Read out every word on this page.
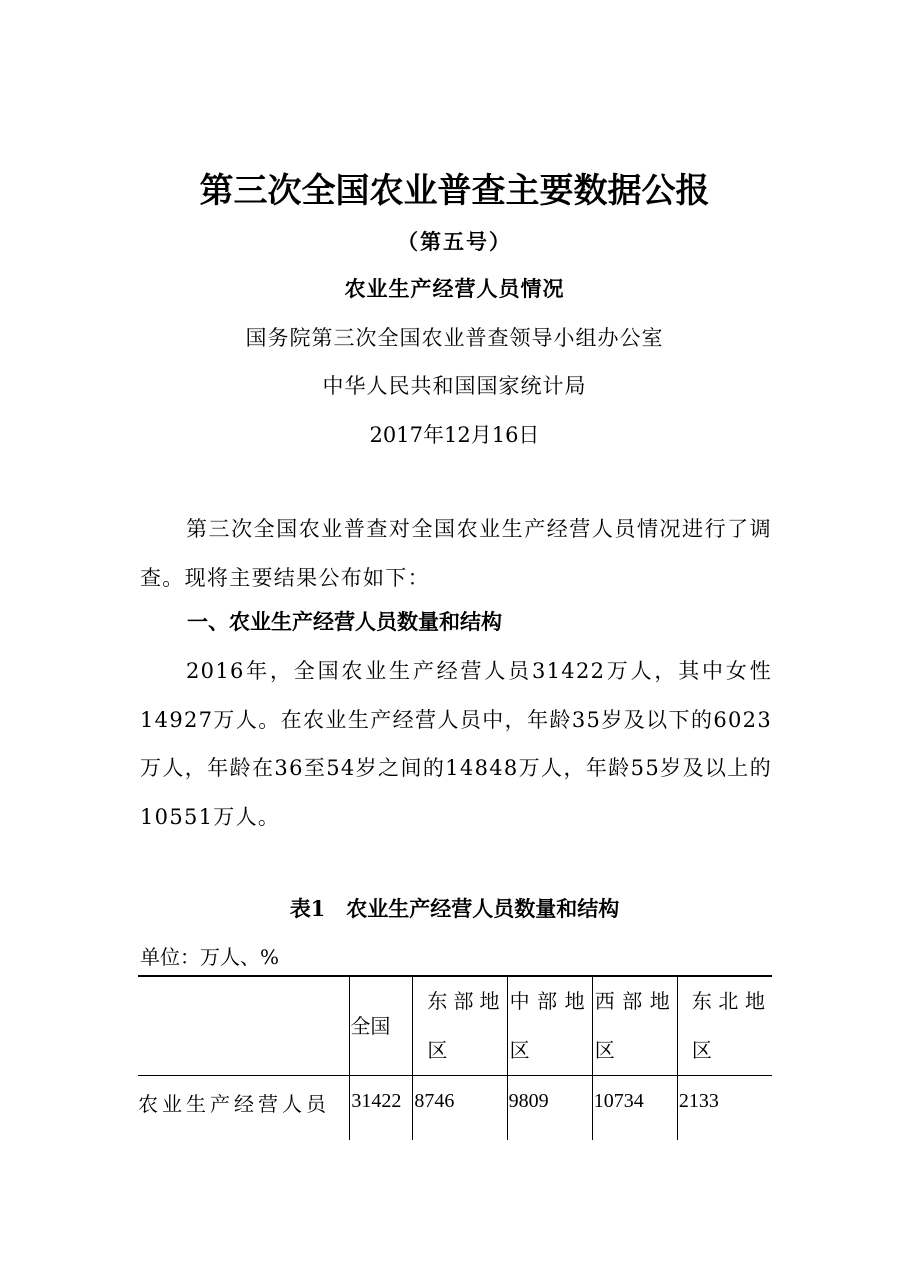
第三次全国农业普查主要数据公报
（第五号）
农业生产经营人员情况
国务院第三次全国农业普查领导小组办公室
中华人民共和国国家统计局
2017年12月16日
第三次全国农业普查对全国农业生产经营人员情况进行了调查。现将主要结果公布如下：
一、农业生产经营人员数量和结构
2016年，全国农业生产经营人员31422万人，其中女性14927万人。在农业生产经营人员中，年龄35岁及以下的6023万人，年龄在36至54岁之间的14848万人，年龄55岁及以上的10551万人。
表1　农业生产经营人员数量和结构
单位：万人、%

	全国	东部地区	中部地区	西部地区	东北地区

农业生产经营人员	31422	8746	9809	10734	2133
